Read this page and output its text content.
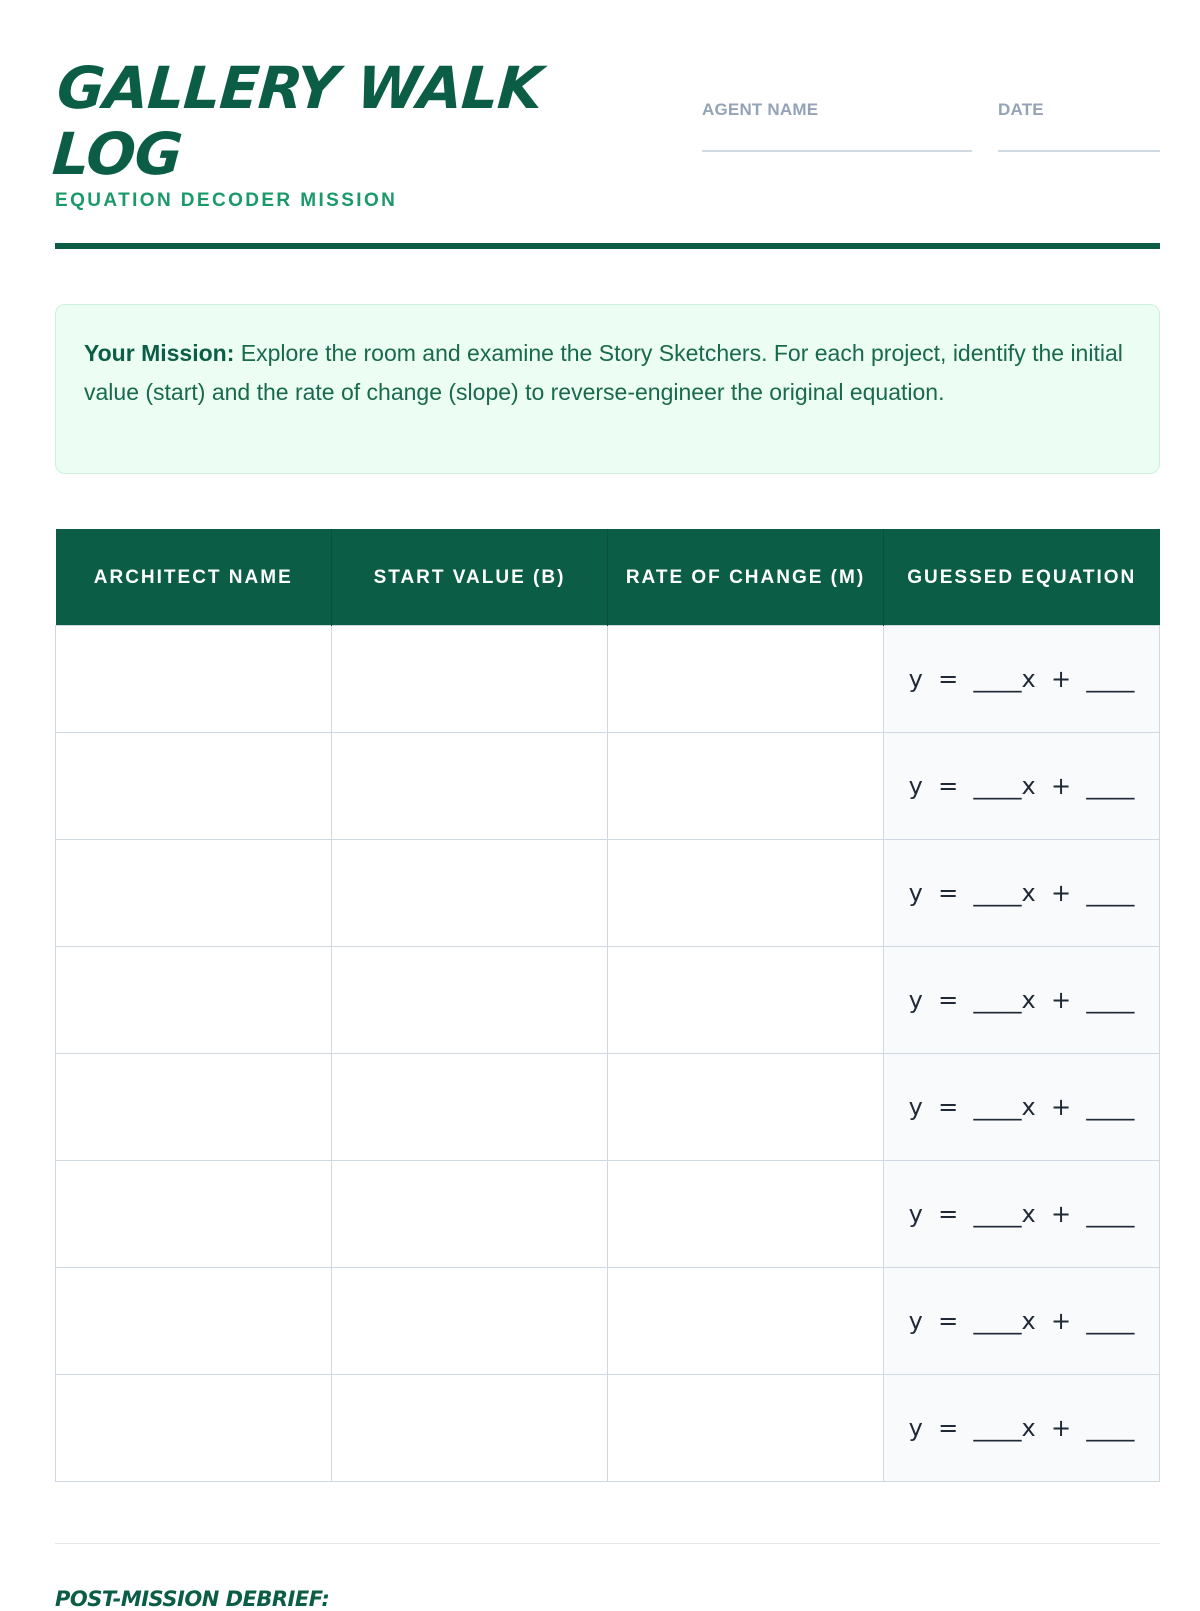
GALLERY WALK LOG
EQUATION DECODER MISSION
AGENT NAME	DATE
Your Mission: Explore the room and examine the Story Sketchers. For each project, identify the initial value (start) and the rate of change (slope) to reverse-engineer the original equation.
ARCHITECT NAME	START VALUE (B)	RATE OF CHANGE (M)	GUESSED EQUATION
			y  =  ____x  +  ____
			y  =  ____x  +  ____
			y  =  ____x  +  ____
			y  =  ____x  +  ____
			y  =  ____x  +  ____
			y  =  ____x  +  ____
			y  =  ____x  +  ____
			y  =  ____x  +  ____
POST-MISSION DEBRIEF:
